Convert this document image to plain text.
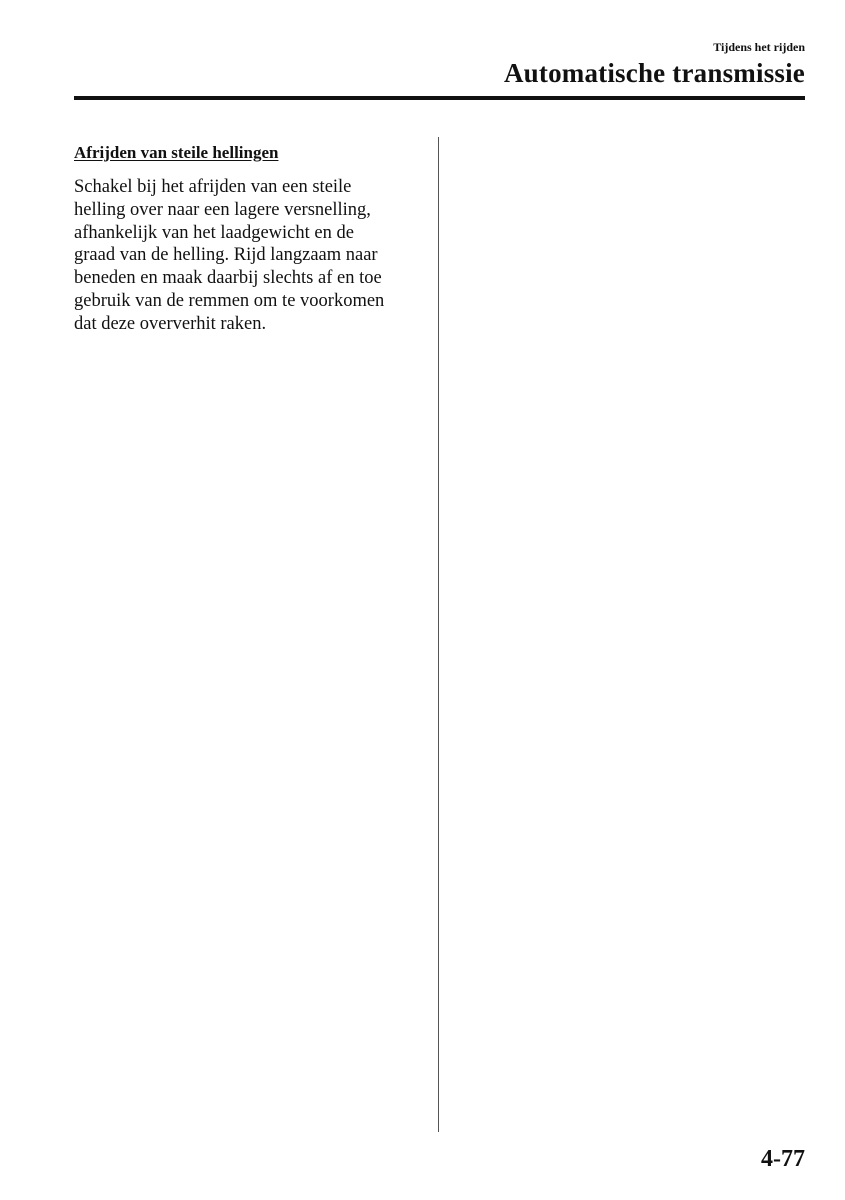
Tijdens het rijden

Automatische transmissie
Afrijden van steile hellingen

Schakel bij het afrijden van een steile
helling over naar een lagere versnelling,
afhankelijk van het laadgewicht en de
graad van de helling. Rijd langzaam naar
beneden en maak daarbij slechts af en toe
gebruik van de remmen om te voorkomen
dat deze oververhit raken.

4-77
